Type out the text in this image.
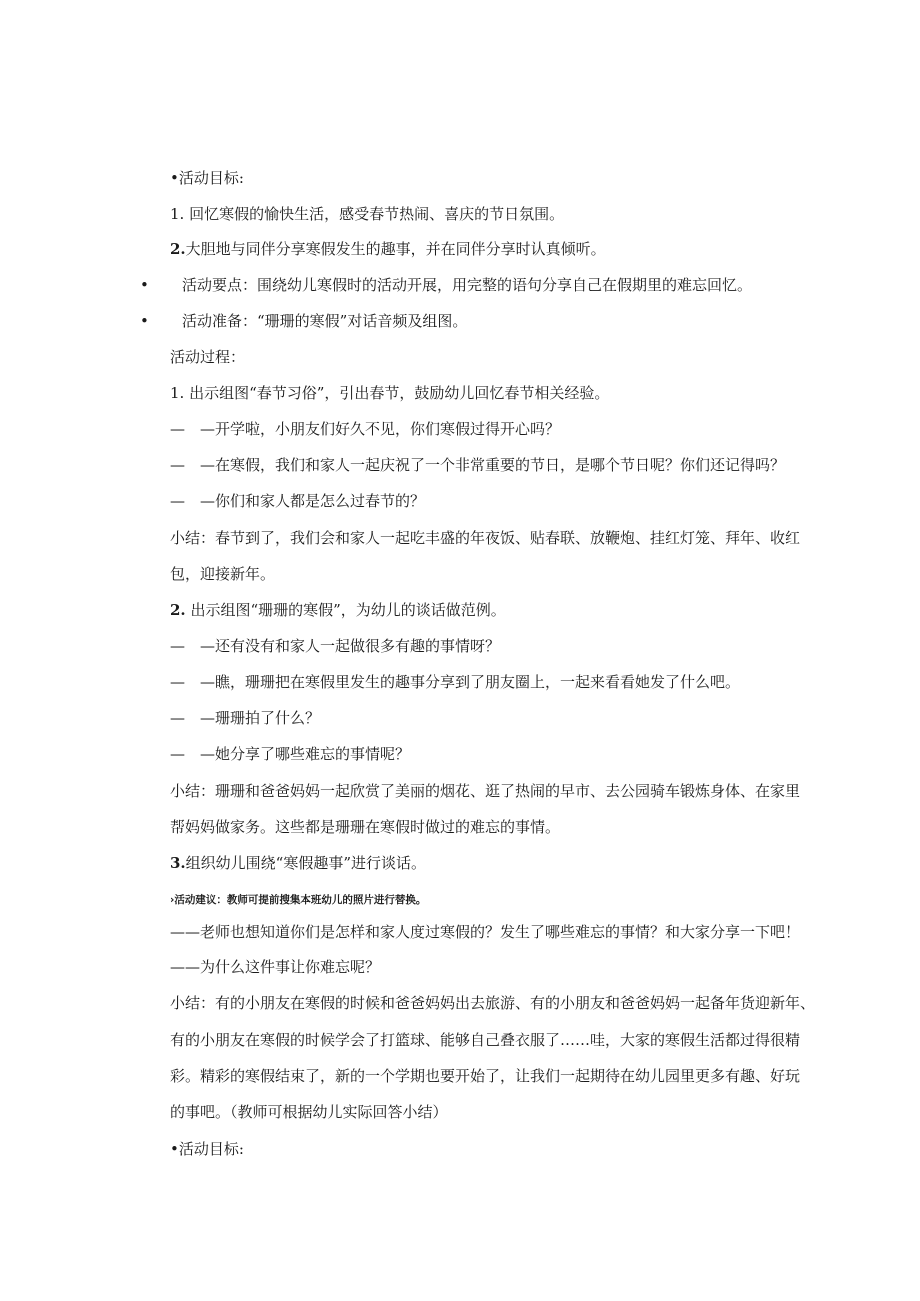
•活动目标:
1. 回忆寒假的愉快生活，感受春节热闹、喜庆的节日氛围。
2.大胆地与同伴分享寒假发生的趣事，并在同伴分享时认真倾听。
• 活动要点：围绕幼儿寒假时的活动开展，用完整的语句分享自己在假期里的难忘回忆。
• 活动准备：“珊珊的寒假”对话音频及组图。
活动过程：
1. 出示组图“春节习俗”，引出春节，鼓励幼儿回忆春节相关经验。
— —开学啦，小朋友们好久不见，你们寒假过得开心吗？
— —在寒假，我们和家人一起庆祝了一个非常重要的节日，是哪个节日呢？你们还记得吗？
— —你们和家人都是怎么过春节的？
小结：春节到了，我们会和家人一起吃丰盛的年夜饭、贴春联、放鞭炮、挂红灯笼、拜年、收红
包，迎接新年。
2. 出示组图“珊珊的寒假”，为幼儿的谈话做范例。
— —还有没有和家人一起做很多有趣的事情呀？
— —瞧，珊珊把在寒假里发生的趣事分享到了朋友圈上，一起来看看她发了什么吧。
— —珊珊拍了什么？
— —她分享了哪些难忘的事情呢？
小结：珊珊和爸爸妈妈一起欣赏了美丽的烟花、逛了热闹的早市、去公园骑车锻炼身体、在家里
帮妈妈做家务。这些都是珊珊在寒假时做过的难忘的事情。
3.组织幼儿围绕“寒假趣事”进行谈话。
›活动建议：教师可提前搜集本班幼儿的照片进行替换。
——老师也想知道你们是怎样和家人度过寒假的？发生了哪些难忘的事情？和大家分享一下吧！
——为什么这件事让你难忘呢？
小结：有的小朋友在寒假的时候和爸爸妈妈出去旅游、有的小朋友和爸爸妈妈一起备年货迎新年、
有的小朋友在寒假的时候学会了打篮球、能够自己叠衣服了……哇，大家的寒假生活都过得很精
彩。精彩的寒假结束了，新的一个学期也要开始了，让我们一起期待在幼儿园里更多有趣、好玩
的事吧。（教师可根据幼儿实际回答小结）
•活动目标:
